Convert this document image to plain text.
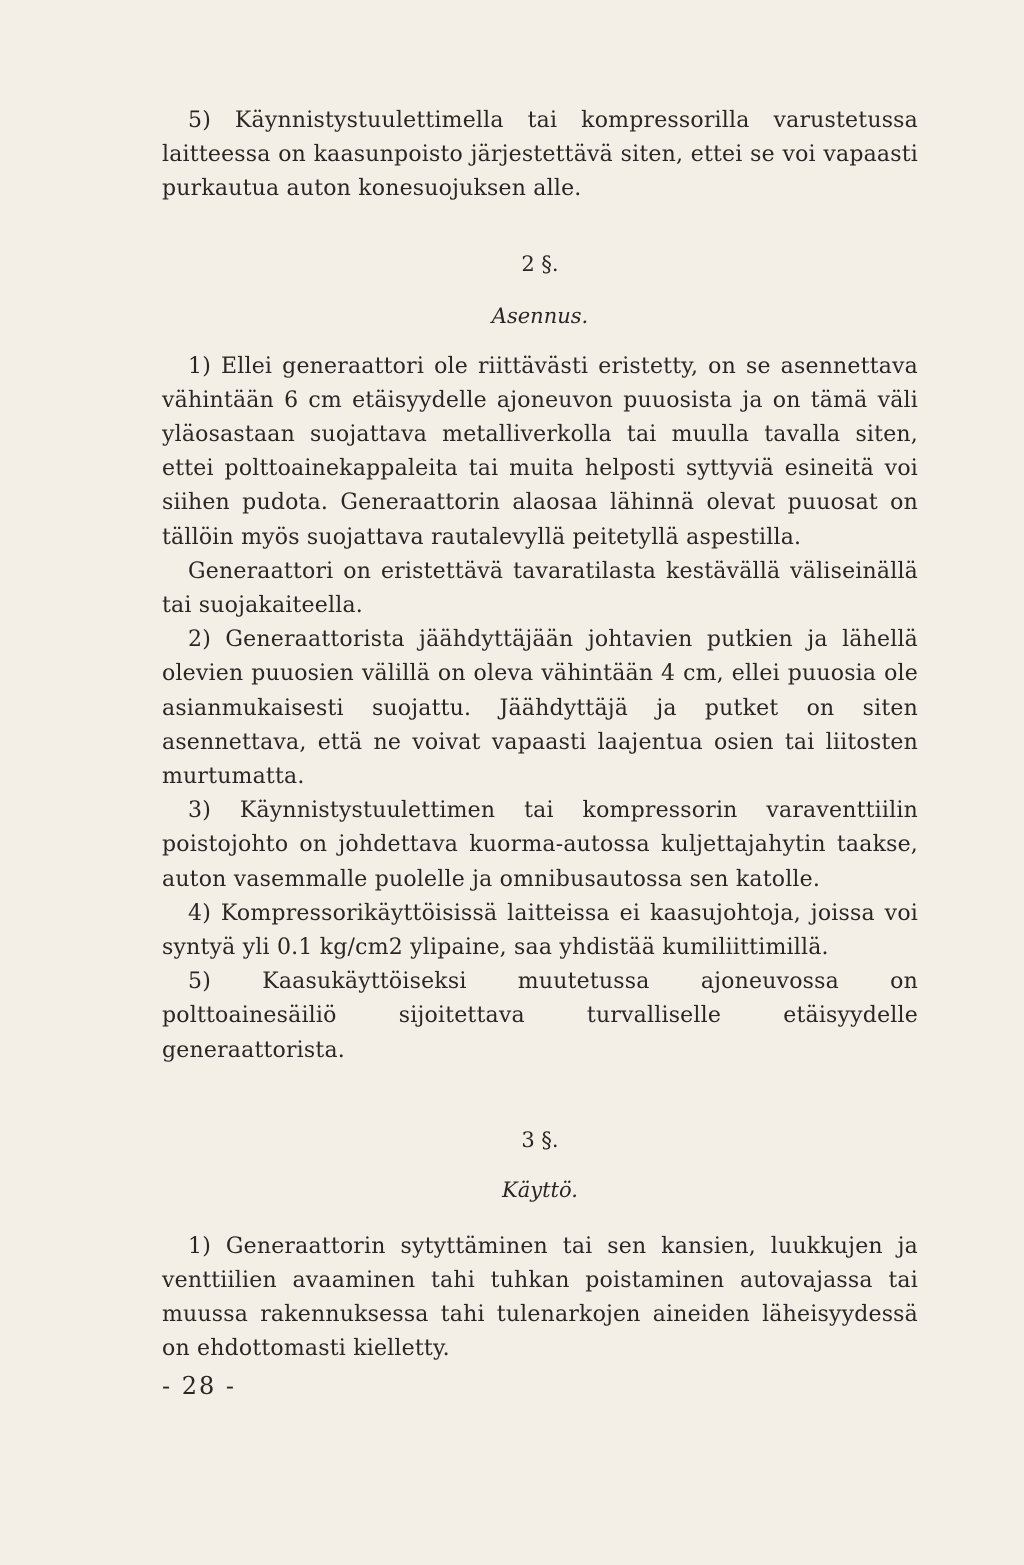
5) Käynnistystuulettimella tai kompressorilla varustetussa laitteessa on kaasunpoisto järjestettävä siten, ettei se voi vapaasti purkautua auton konesuojuksen alle.

2 §.

Asennus.

1) Ellei generaattori ole riittävästi eristetty, on se asennettava vähintään 6 cm etäisyydelle ajoneuvon puuosista ja on tämä väli yläosastaan suojattava metalliverkolla tai muulla tavalla siten, ettei polttoainekappaleita tai muita helposti syttyviä esineitä voi siihen pudota. Generaattorin alaosaa lähinnä olevat puuosat on tällöin myös suojattava rautalevyllä peitetyllä aspestilla.

Generaattori on eristettävä tavaratilasta kestävällä väliseinällä tai suojakaiteella.

2) Generaattorista jäähdyttäjään johtavien putkien ja lähellä olevien puuosien välillä on oleva vähintään 4 cm, ellei puuosia ole asianmukaisesti suojattu. Jäähdyttäjä ja putket on siten asennettava, että ne voivat vapaasti laajentua osien tai liitosten murtumatta.

3) Käynnistystuulettimen tai kompressorin varaventtiilin poistojohto on johdettava kuorma-autossa kuljettajahytin taakse, auton vasemmalle puolelle ja omnibusautossa sen katolle.

4) Kompressorikäyttöisissä laitteissa ei kaasujohtoja, joissa voi syntyä yli 0.1 kg/cm2 ylipaine, saa yhdistää kumiliittimillä.

5) Kaasukäyttöiseksi muutetussa ajoneuvossa on polttoainesäiliö sijoitettava turvalliselle etäisyydelle generaattorista.

3 §.

Käyttö.

1) Generaattorin sytyttäminen tai sen kansien, luukkujen ja venttiilien avaaminen tahi tuhkan poistaminen autovajassa tai muussa rakennuksessa tahi tulenarkojen aineiden läheisyydessä on ehdottomasti kielletty.

- 28 -
